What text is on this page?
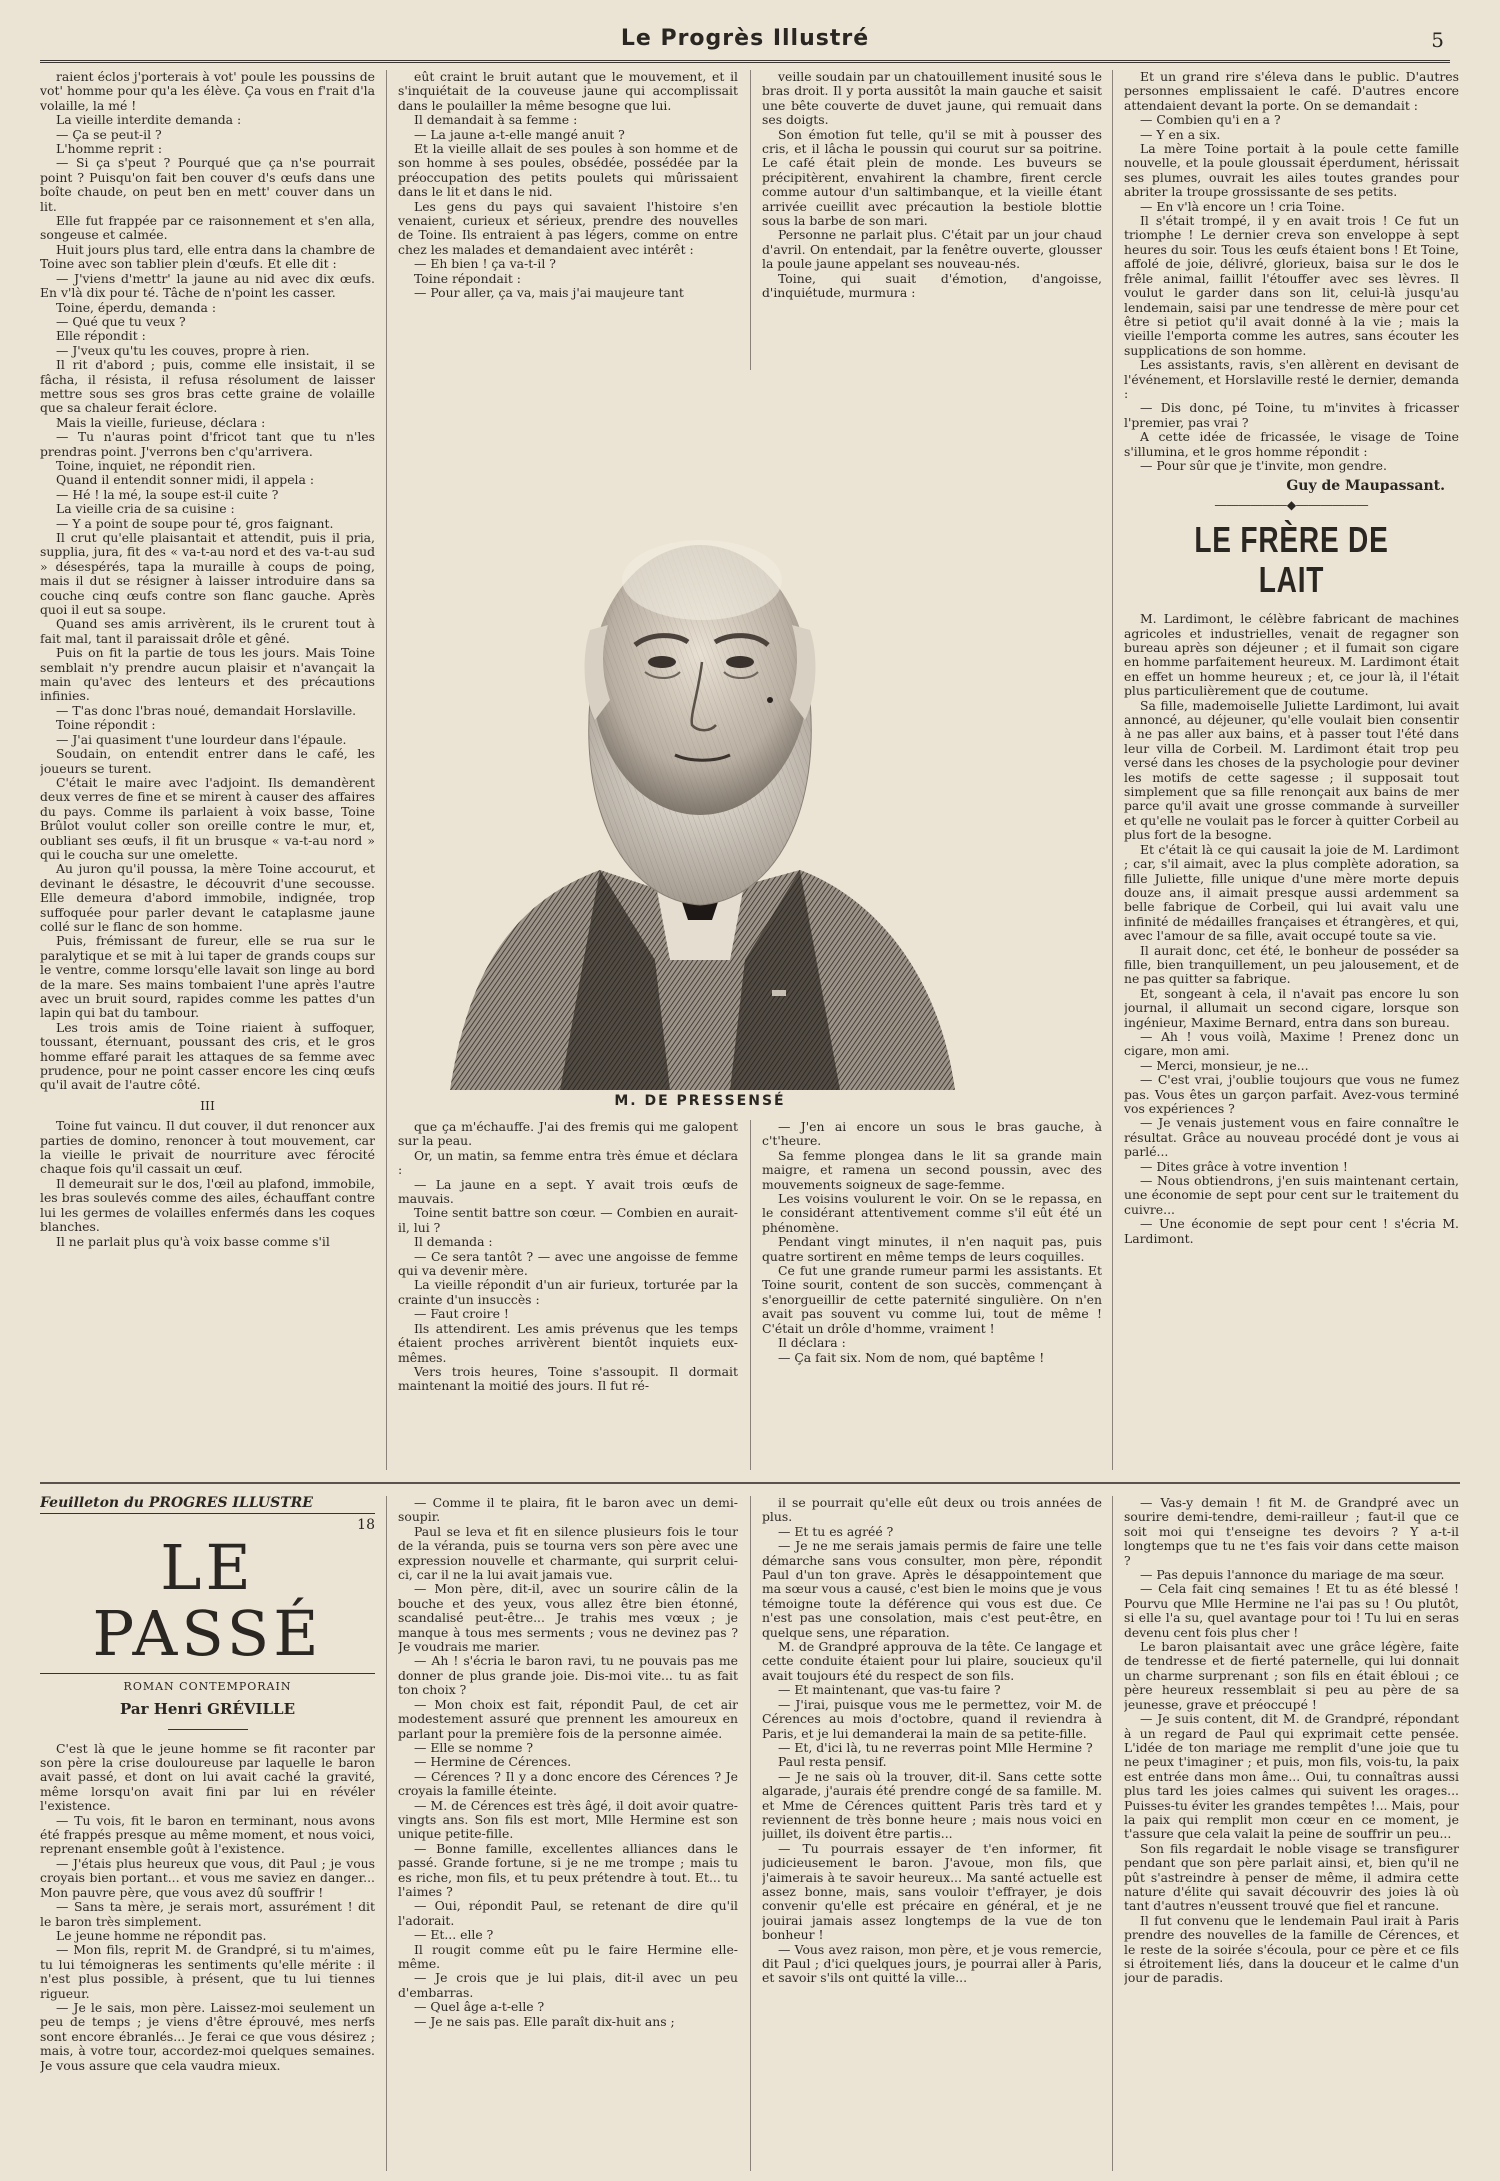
Le Progrès Illustré	5

raient éclos j'porterais à vot' poule les poussins de vot' homme pour qu'a les élève. Ça vous en f'rait d'la volaille, la mé !

La vieille interdite demanda :

— Ça se peut-il ?

L'homme reprit :

— Si ça s'peut ? Pourqué que ça n'se pourrait point ? Puisqu'on fait ben couver d's œufs dans une boîte chaude, on peut ben en mett' couver dans un lit.

Elle fut frappée par ce raisonnement et s'en alla, songeuse et calmée.

Huit jours plus tard, elle entra dans la chambre de Toine avec son tablier plein d'œufs. Et elle dit :

— J'viens d'mettr' la jaune au nid avec dix œufs. En v'là dix pour té. Tâche de n'point les casser.

Toine, éperdu, demanda :

— Qué que tu veux ?

Elle répondit :

— J'veux qu'tu les couves, propre à rien.

Il rit d'abord ; puis, comme elle insistait, il se fâcha, il résista, il refusa résolument de laisser mettre sous ses gros bras cette graine de volaille que sa chaleur ferait éclore.

Mais la vieille, furieuse, déclara :

— Tu n'auras point d'fricot tant que tu n'les prendras point. J'verrons ben c'qu'arrivera.

Toine, inquiet, ne répondit rien.

Quand il entendit sonner midi, il appela :

— Hé ! la mé, la soupe est-il cuite ?

La vieille cria de sa cuisine :

— Y a point de soupe pour té, gros faignant.

Il crut qu'elle plaisantait et attendit, puis il pria, supplia, jura, fit des « va-t-au nord et des va-t-au sud » désespérés, tapa la muraille à coups de poing, mais il dut se résigner à laisser introduire dans sa couche cinq œufs contre son flanc gauche. Après quoi il eut sa soupe.

Quand ses amis arrivèrent, ils le crurent tout à fait mal, tant il paraissait drôle et gêné.

Puis on fit la partie de tous les jours. Mais Toine semblait n'y prendre aucun plaisir et n'avançait la main qu'avec des lenteurs et des précautions infinies.

— T'as donc l'bras noué, demandait Horslaville.

Toine répondit :

— J'ai quasiment t'une lourdeur dans l'épaule.

Soudain, on entendit entrer dans le café, les joueurs se turent.

C'était le maire avec l'adjoint. Ils demandèrent deux verres de fine et se mirent à causer des affaires du pays. Comme ils parlaient à voix basse, Toine Brûlot voulut coller son oreille contre le mur, et, oubliant ses œufs, il fit un brusque « va-t-au nord » qui le coucha sur une omelette.

Au juron qu'il poussa, la mère Toine accourut, et devinant le désastre, le découvrit d'une secousse. Elle demeura d'abord immobile, indignée, trop suffoquée pour parler devant le cataplasme jaune collé sur le flanc de son homme.

Puis, frémissant de fureur, elle se rua sur le paralytique et se mit à lui taper de grands coups sur le ventre, comme lorsqu'elle lavait son linge au bord de la mare. Ses mains tombaient l'une après l'autre avec un bruit sourd, rapides comme les pattes d'un lapin qui bat du tambour.

Les trois amis de Toine riaient à suffoquer, toussant, éternuant, poussant des cris, et le gros homme effaré parait les attaques de sa femme avec prudence, pour ne point casser encore les cinq œufs qu'il avait de l'autre côté.

III

Toine fut vaincu. Il dut couver, il dut renoncer aux parties de domino, renoncer à tout mouvement, car la vieille le privait de nourriture avec férocité chaque fois qu'il cassait un œuf.

Il demeurait sur le dos, l'œil au plafond, immobile, les bras soulevés comme des ailes, échauffant contre lui les germes de volailles enfermés dans les coques blanches.

Il ne parlait plus qu'à voix basse comme s'il

eût craint le bruit autant que le mouvement, et il s'inquiétait de la couveuse jaune qui accomplissait dans le poulailler la même besogne que lui.

Il demandait à sa femme :

— La jaune a-t-elle mangé anuit ?

Et la vieille allait de ses poules à son homme et de son homme à ses poules, obsédée, possédée par la préoccupation des petits poulets qui mûrissaient dans le lit et dans le nid.

Les gens du pays qui savaient l'histoire s'en venaient, curieux et sérieux, prendre des nouvelles de Toine. Ils entraient à pas légers, comme on entre chez les malades et demandaient avec intérêt :

— Eh bien ! ça va-t-il ?

Toine répondait :

— Pour aller, ça va, mais j'ai maujeure tant

veille soudain par un chatouillement inusité sous le bras droit. Il y porta aussitôt la main gauche et saisit une bête couverte de duvet jaune, qui remuait dans ses doigts.

Son émotion fut telle, qu'il se mit à pousser des cris, et il lâcha le poussin qui courut sur sa poitrine. Le café était plein de monde. Les buveurs se précipitèrent, envahirent la chambre, firent cercle comme autour d'un saltimbanque, et la vieille étant arrivée cueillit avec précaution la bestiole blottie sous la barbe de son mari.

Personne ne parlait plus. C'était par un jour chaud d'avril. On entendait, par la fenêtre ouverte, glousser la poule jaune appelant ses nouveau-nés.

Toine, qui suait d'émotion, d'angoisse, d'inquiétude, murmura :

M. DE PRESSENSÉ

que ça m'échauffe. J'ai des fremis qui me galopent sur la peau.

Or, un matin, sa femme entra très émue et déclara :

— La jaune en a sept. Y avait trois œufs de mauvais.

Toine sentit battre son cœur. — Combien en aurait-il, lui ?

Il demanda :

— Ce sera tantôt ? — avec une angoisse de femme qui va devenir mère.

La vieille répondit d'un air furieux, torturée par la crainte d'un insuccès :

— Faut croire !

Ils attendirent. Les amis prévenus que les temps étaient proches arrivèrent bientôt inquiets eux-mêmes.

Vers trois heures, Toine s'assoupit. Il dormait maintenant la moitié des jours. Il fut ré-

— J'en ai encore un sous le bras gauche, à c't'heure.

Sa femme plongea dans le lit sa grande main maigre, et ramena un second poussin, avec des mouvements soigneux de sage-femme.

Les voisins voulurent le voir. On se le repassa, en le considérant attentivement comme s'il eût été un phénomène.

Pendant vingt minutes, il n'en naquit pas, puis quatre sortirent en même temps de leurs coquilles.

Ce fut une grande rumeur parmi les assistants. Et Toine sourit, content de son succès, commençant à s'enorgueillir de cette paternité singulière. On n'en avait pas souvent vu comme lui, tout de même ! C'était un drôle d'homme, vraiment !

Il déclara :

— Ça fait six. Nom de nom, qué baptême !

Et un grand rire s'éleva dans le public. D'autres personnes emplissaient le café. D'autres encore attendaient devant la porte. On se demandait :

— Combien qu'i en a ?

— Y en a six.

La mère Toine portait à la poule cette famille nouvelle, et la poule gloussait éperdument, hérissait ses plumes, ouvrait les ailes toutes grandes pour abriter la troupe grossissante de ses petits.

— En v'là encore un ! cria Toine.

Il s'était trompé, il y en avait trois ! Ce fut un triomphe ! Le dernier creva son enveloppe à sept heures du soir. Tous les œufs étaient bons ! Et Toine, affolé de joie, délivré, glorieux, baisa sur le dos le frêle animal, faillit l'étouffer avec ses lèvres. Il voulut le garder dans son lit, celui-là jusqu'au lendemain, saisi par une tendresse de mère pour cet être si petiot qu'il avait donné à la vie ; mais la vieille l'emporta comme les autres, sans écouter les supplications de son homme.

Les assistants, ravis, s'en allèrent en devisant de l'événement, et Horslaville resté le dernier, demanda :

— Dis donc, pé Toine, tu m'invites à fricasser l'premier, pas vrai ?

A cette idée de fricassée, le visage de Toine s'illumina, et le gros homme répondit :

— Pour sûr que je t'invite, mon gendre.

Guy de Maupassant.

――――――◆――――――
LE FRÈRE DE LAIT

M. Lardimont, le célèbre fabricant de machines agricoles et industrielles, venait de regagner son bureau après son déjeuner ; et il fumait son cigare en homme parfaitement heureux. M. Lardimont était en effet un homme heureux ; et, ce jour là, il l'était plus particulièrement que de coutume.

Sa fille, mademoiselle Juliette Lardimont, lui avait annoncé, au déjeuner, qu'elle voulait bien consentir à ne pas aller aux bains, et à passer tout l'été dans leur villa de Corbeil. M. Lardimont était trop peu versé dans les choses de la psychologie pour deviner les motifs de cette sagesse ; il supposait tout simplement que sa fille renonçait aux bains de mer parce qu'il avait une grosse commande à surveiller et qu'elle ne voulait pas le forcer à quitter Corbeil au plus fort de la besogne.

Et c'était là ce qui causait la joie de M. Lardimont ; car, s'il aimait, avec la plus complète adoration, sa fille Juliette, fille unique d'une mère morte depuis douze ans, il aimait presque aussi ardemment sa belle fabrique de Corbeil, qui lui avait valu une infinité de médailles françaises et étrangères, et qui, avec l'amour de sa fille, avait occupé toute sa vie.

Il aurait donc, cet été, le bonheur de posséder sa fille, bien tranquillement, un peu jalousement, et de ne pas quitter sa fabrique.

Et, songeant à cela, il n'avait pas encore lu son journal, il allumait un second cigare, lorsque son ingénieur, Maxime Bernard, entra dans son bureau.

— Ah ! vous voilà, Maxime ! Prenez donc un cigare, mon ami.

— Merci, monsieur, je ne...

— C'est vrai, j'oublie toujours que vous ne fumez pas. Vous êtes un garçon parfait. Avez-vous terminé vos expériences ?

— Je venais justement vous en faire connaître le résultat. Grâce au nouveau procédé dont je vous ai parlé...

— Dites grâce à votre invention !

— Nous obtiendrons, j'en suis maintenant certain, une économie de sept pour cent sur le traitement du cuivre...

— Une économie de sept pour cent ! s'écria M. Lardimont.

Feuilleton du PROGRÈS ILLUSTRÉ
18
LE PASSÉ
ROMAN CONTEMPORAIN
Par Henri GRÉVILLE

C'est là que le jeune homme se fit raconter par son père la crise douloureuse par laquelle le baron avait passé, et dont on lui avait caché la gravité, même lorsqu'on avait fini par lui en révéler l'existence.

— Tu vois, fit le baron en terminant, nous avons été frappés presque au même moment, et nous voici, reprenant ensemble goût à l'existence.

— J'étais plus heureux que vous, dit Paul ; je vous croyais bien portant... et vous me saviez en danger... Mon pauvre père, que vous avez dû souffrir !

— Sans ta mère, je serais mort, assurément ! dit le baron très simplement.

Le jeune homme ne répondit pas.

— Mon fils, reprit M. de Grandpré, si tu m'aimes, tu lui témoigneras les sentiments qu'elle mérite : il n'est plus possible, à présent, que tu lui tiennes rigueur.

— Je le sais, mon père. Laissez-moi seulement un peu de temps ; je viens d'être éprouvé, mes nerfs sont encore ébranlés... Je ferai ce que vous désirez ; mais, à votre tour, accordez-moi quelques semaines. Je vous assure que cela vaudra mieux.

— Comme il te plaira, fit le baron avec un demi-soupir.

Paul se leva et fit en silence plusieurs fois le tour de la véranda, puis se tourna vers son père avec une expression nouvelle et charmante, qui surprit celui-ci, car il ne la lui avait jamais vue.

— Mon père, dit-il, avec un sourire câlin de la bouche et des yeux, vous allez être bien étonné, scandalisé peut-être... Je trahis mes vœux ; je manque à tous mes serments ; vous ne devinez pas ? Je voudrais me marier.

— Ah ! s'écria le baron ravi, tu ne pouvais pas me donner de plus grande joie. Dis-moi vite... tu as fait ton choix ?

— Mon choix est fait, répondit Paul, de cet air modestement assuré que prennent les amoureux en parlant pour la première fois de la personne aimée.

— Elle se nomme ?

— Hermine de Cérences.

— Cérences ? Il y a donc encore des Cérences ? Je croyais la famille éteinte.

— M. de Cérences est très âgé, il doit avoir quatre-vingts ans. Son fils est mort, Mlle Hermine est son unique petite-fille.

— Bonne famille, excellentes alliances dans le passé. Grande fortune, si je ne me trompe ; mais tu es riche, mon fils, et tu peux prétendre à tout. Et... tu l'aimes ?

— Oui, répondit Paul, se retenant de dire qu'il l'adorait.

— Et... elle ?

Il rougit comme eût pu le faire Hermine elle-même.

— Je crois que je lui plais, dit-il avec un peu d'embarras.

— Quel âge a-t-elle ?

— Je ne sais pas. Elle paraît dix-huit ans ;

il se pourrait qu'elle eût deux ou trois années de plus.

— Et tu es agréé ?

— Je ne me serais jamais permis de faire une telle démarche sans vous consulter, mon père, répondit Paul d'un ton grave. Après le désappointement que ma sœur vous a causé, c'est bien le moins que je vous témoigne toute la déférence qui vous est due. Ce n'est pas une consolation, mais c'est peut-être, en quelque sens, une réparation.

M. de Grandpré approuva de la tête. Ce langage et cette conduite étaient pour lui plaire, soucieux qu'il avait toujours été du respect de son fils.

— Et maintenant, que vas-tu faire ?

— J'irai, puisque vous me le permettez, voir M. de Cérences au mois d'octobre, quand il reviendra à Paris, et je lui demanderai la main de sa petite-fille.

— Et, d'ici là, tu ne reverras point Mlle Hermine ?

Paul resta pensif.

— Je ne sais où la trouver, dit-il. Sans cette sotte algarade, j'aurais été prendre congé de sa famille. M. et Mme de Cérences quittent Paris très tard et y reviennent de très bonne heure ; mais nous voici en juillet, ils doivent être partis...

— Tu pourrais essayer de t'en informer, fit judicieusement le baron. J'avoue, mon fils, que j'aimerais à te savoir heureux... Ma santé actuelle est assez bonne, mais, sans vouloir t'effrayer, je dois convenir qu'elle est précaire en général, et je ne jouirai jamais assez longtemps de la vue de ton bonheur !

— Vous avez raison, mon père, et je vous remercie, dit Paul ; d'ici quelques jours, je pourrai aller à Paris, et savoir s'ils ont quitté la ville...

— Vas-y demain ! fit M. de Grandpré avec un sourire demi-tendre, demi-railleur ; faut-il que ce soit moi qui t'enseigne tes devoirs ? Y a-t-il longtemps que tu ne t'es fais voir dans cette maison ?

— Pas depuis l'annonce du mariage de ma sœur.

— Cela fait cinq semaines ! Et tu as été blessé ! Pourvu que Mlle Hermine ne l'ai pas su ! Ou plutôt, si elle l'a su, quel avantage pour toi ! Tu lui en seras devenu cent fois plus cher !

Le baron plaisantait avec une grâce légère, faite de tendresse et de fierté paternelle, qui lui donnait un charme surprenant ; son fils en était ébloui ; ce père heureux ressemblait si peu au père de sa jeunesse, grave et préoccupé !

— Je suis content, dit M. de Grandpré, répondant à un regard de Paul qui exprimait cette pensée. L'idée de ton mariage me remplit d'une joie que tu ne peux t'imaginer ; et puis, mon fils, vois-tu, la paix est entrée dans mon âme... Oui, tu connaîtras aussi plus tard les joies calmes qui suivent les orages... Puisses-tu éviter les grandes tempêtes !... Mais, pour la paix qui remplit mon cœur en ce moment, je t'assure que cela valait la peine de souffrir un peu...

Son fils regardait le noble visage se transfigurer pendant que son père parlait ainsi, et, bien qu'il ne pût s'astreindre à penser de même, il admira cette nature d'élite qui savait découvrir des joies là où tant d'autres n'eussent trouvé que fiel et rancune.

Il fut convenu que le lendemain Paul irait à Paris prendre des nouvelles de la famille de Cérences, et le reste de la soirée s'écoula, pour ce père et ce fils si étroitement liés, dans la douceur et le calme d'un jour de paradis.
